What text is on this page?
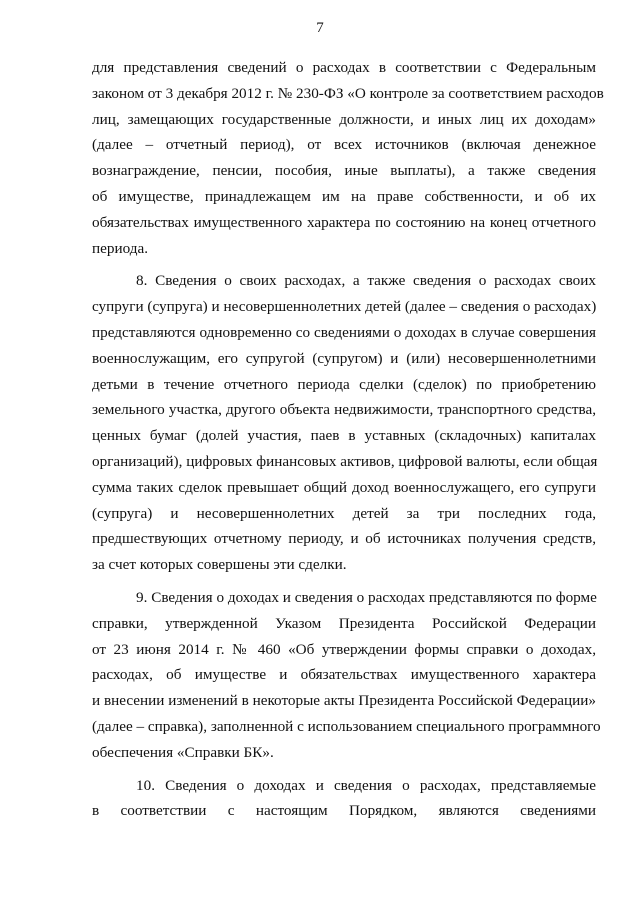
7
для представления сведений о расходах в соответствии с Федеральным
законом от 3 декабря 2012 г. № 230-ФЗ «О контроле за соответствием расходов
лиц, замещающих государственные должности, и иных лиц их доходам»
(далее – отчетный период), от всех источников (включая денежное
вознаграждение, пенсии, пособия, иные выплаты), а также сведения
об имуществе, принадлежащем им на праве собственности, и об их
обязательствах имущественного характера по состоянию на конец отчетного
периода.
8. Сведения о своих расходах, а также сведения о расходах своих
супруги (супруга) и несовершеннолетних детей (далее – сведения о расходах)
представляются одновременно со сведениями о доходах в случае совершения
военнослужащим, его супругой (супругом) и (или) несовершеннолетними
детьми в течение отчетного периода сделки (сделок) по приобретению
земельного участка, другого объекта недвижимости, транспортного средства,
ценных бумаг (долей участия, паев в уставных (складочных) капиталах
организаций), цифровых финансовых активов, цифровой валюты, если общая
сумма таких сделок превышает общий доход военнослужащего, его супруги
(супруга) и несовершеннолетних детей за три последних года,
предшествующих отчетному периоду, и об источниках получения средств,
за счет которых совершены эти сделки.
9. Сведения о доходах и сведения о расходах представляются по форме
справки, утвержденной Указом Президента Российской Федерации
от 23 июня 2014 г. № 460 «Об утверждении формы справки о доходах,
расходах, об имуществе и обязательствах имущественного характера
и внесении изменений в некоторые акты Президента Российской Федерации»
(далее – справка), заполненной с использованием специального программного
обеспечения «Справки БК».
10. Сведения о доходах и сведения о расходах, представляемые
в соответствии с настоящим Порядком, являются сведениями
